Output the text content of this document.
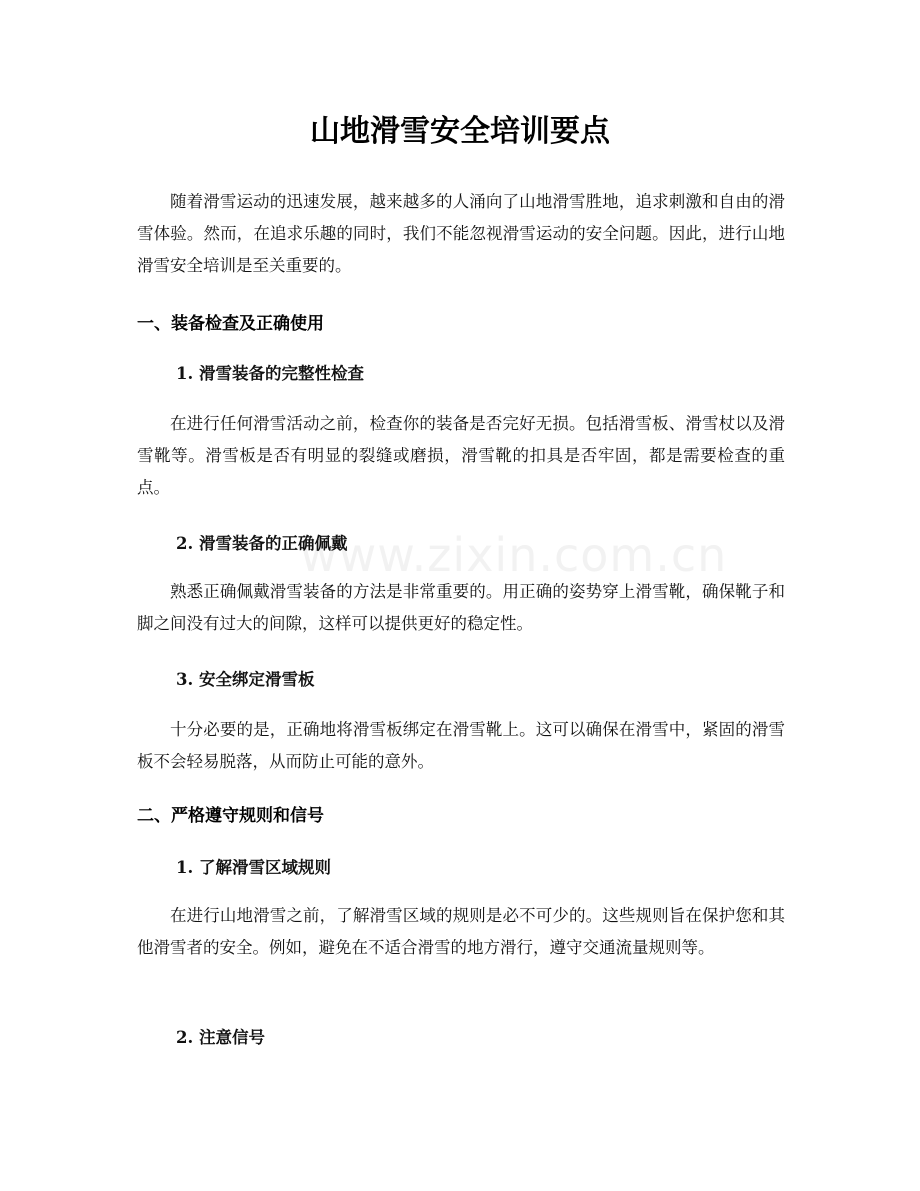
www.zixin.com.cn
山地滑雪安全培训要点

随着滑雪运动的迅速发展，越来越多的人涌向了山地滑雪胜地，追求刺激和自由的滑雪体验。然而，在追求乐趣的同时，我们不能忽视滑雪运动的安全问题。因此，进行山地滑雪安全培训是至关重要的。

一、装备检查及正确使用
1. 滑雪装备的完整性检查

在进行任何滑雪活动之前，检查你的装备是否完好无损。包括滑雪板、滑雪杖以及滑雪靴等。滑雪板是否有明显的裂缝或磨损，滑雪靴的扣具是否牢固，都是需要检查的重点。

2. 滑雪装备的正确佩戴

熟悉正确佩戴滑雪装备的方法是非常重要的。用正确的姿势穿上滑雪靴，确保靴子和脚之间没有过大的间隙，这样可以提供更好的稳定性。

3. 安全绑定滑雪板

十分必要的是，正确地将滑雪板绑定在滑雪靴上。这可以确保在滑雪中，紧固的滑雪板不会轻易脱落，从而防止可能的意外。

二、严格遵守规则和信号
1. 了解滑雪区域规则

在进行山地滑雪之前，了解滑雪区域的规则是必不可少的。这些规则旨在保护您和其他滑雪者的安全。例如，避免在不适合滑雪的地方滑行，遵守交通流量规则等。

2. 注意信号
